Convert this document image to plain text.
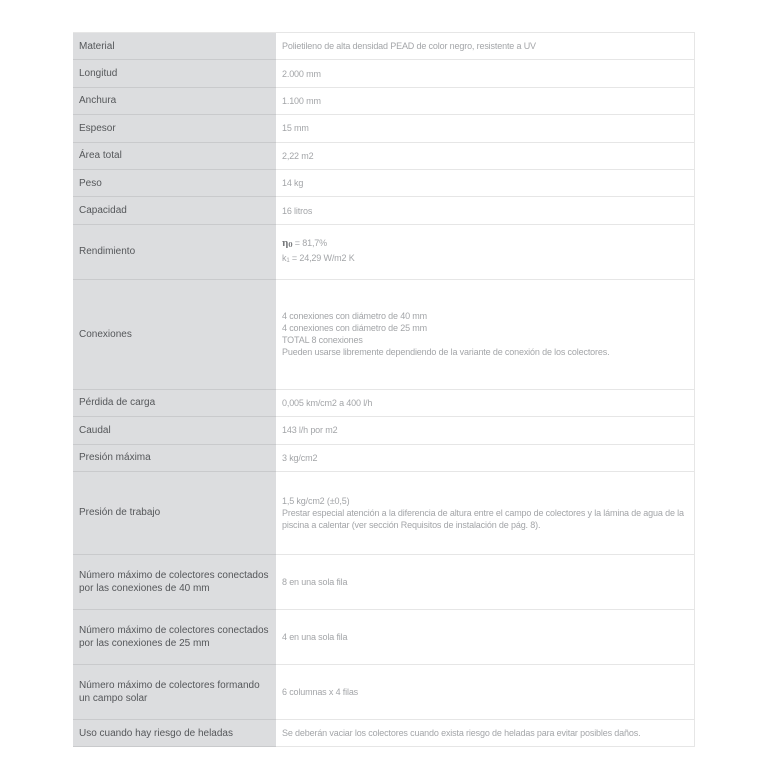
Material	Polietileno de alta densidad PEAD de color negro, resistente a UV

Longitud	2.000 mm

Anchura	1.100 mm

Espesor	15 mm

Área total	2,22 m2

Peso	14 kg

Capacidad	16 litros

Rendimiento	η0 = 81,7%
k1 = 24,29 W/m2 K

Conexiones	4 conexiones con diámetro de 40 mm
4 conexiones con diámetro de 25 mm
TOTAL 8 conexiones
Pueden usarse libremente dependiendo de la variante de conexión de los colectores.

Pérdida de carga	0,005 km/cm2 a 400 l/h

Caudal	143 l/h por m2

Presión máxima	3 kg/cm2

Presión de trabajo	1,5 kg/cm2 (±0,5)
Prestar especial atención a la diferencia de altura entre el campo de colectores y la lámina de agua de la piscina a calentar (ver sección Requisitos de instalación de pág. 8).

Número máximo de colectores conectados por las conexiones de 40 mm	8 en una sola fila

Número máximo de colectores conectados por las conexiones de 25 mm	4 en una sola fila

Número máximo de colectores formando un campo solar	6 columnas x 4 filas

Uso cuando hay riesgo de heladas	Se deberán vaciar los colectores cuando exista riesgo de heladas para evitar posibles daños.
